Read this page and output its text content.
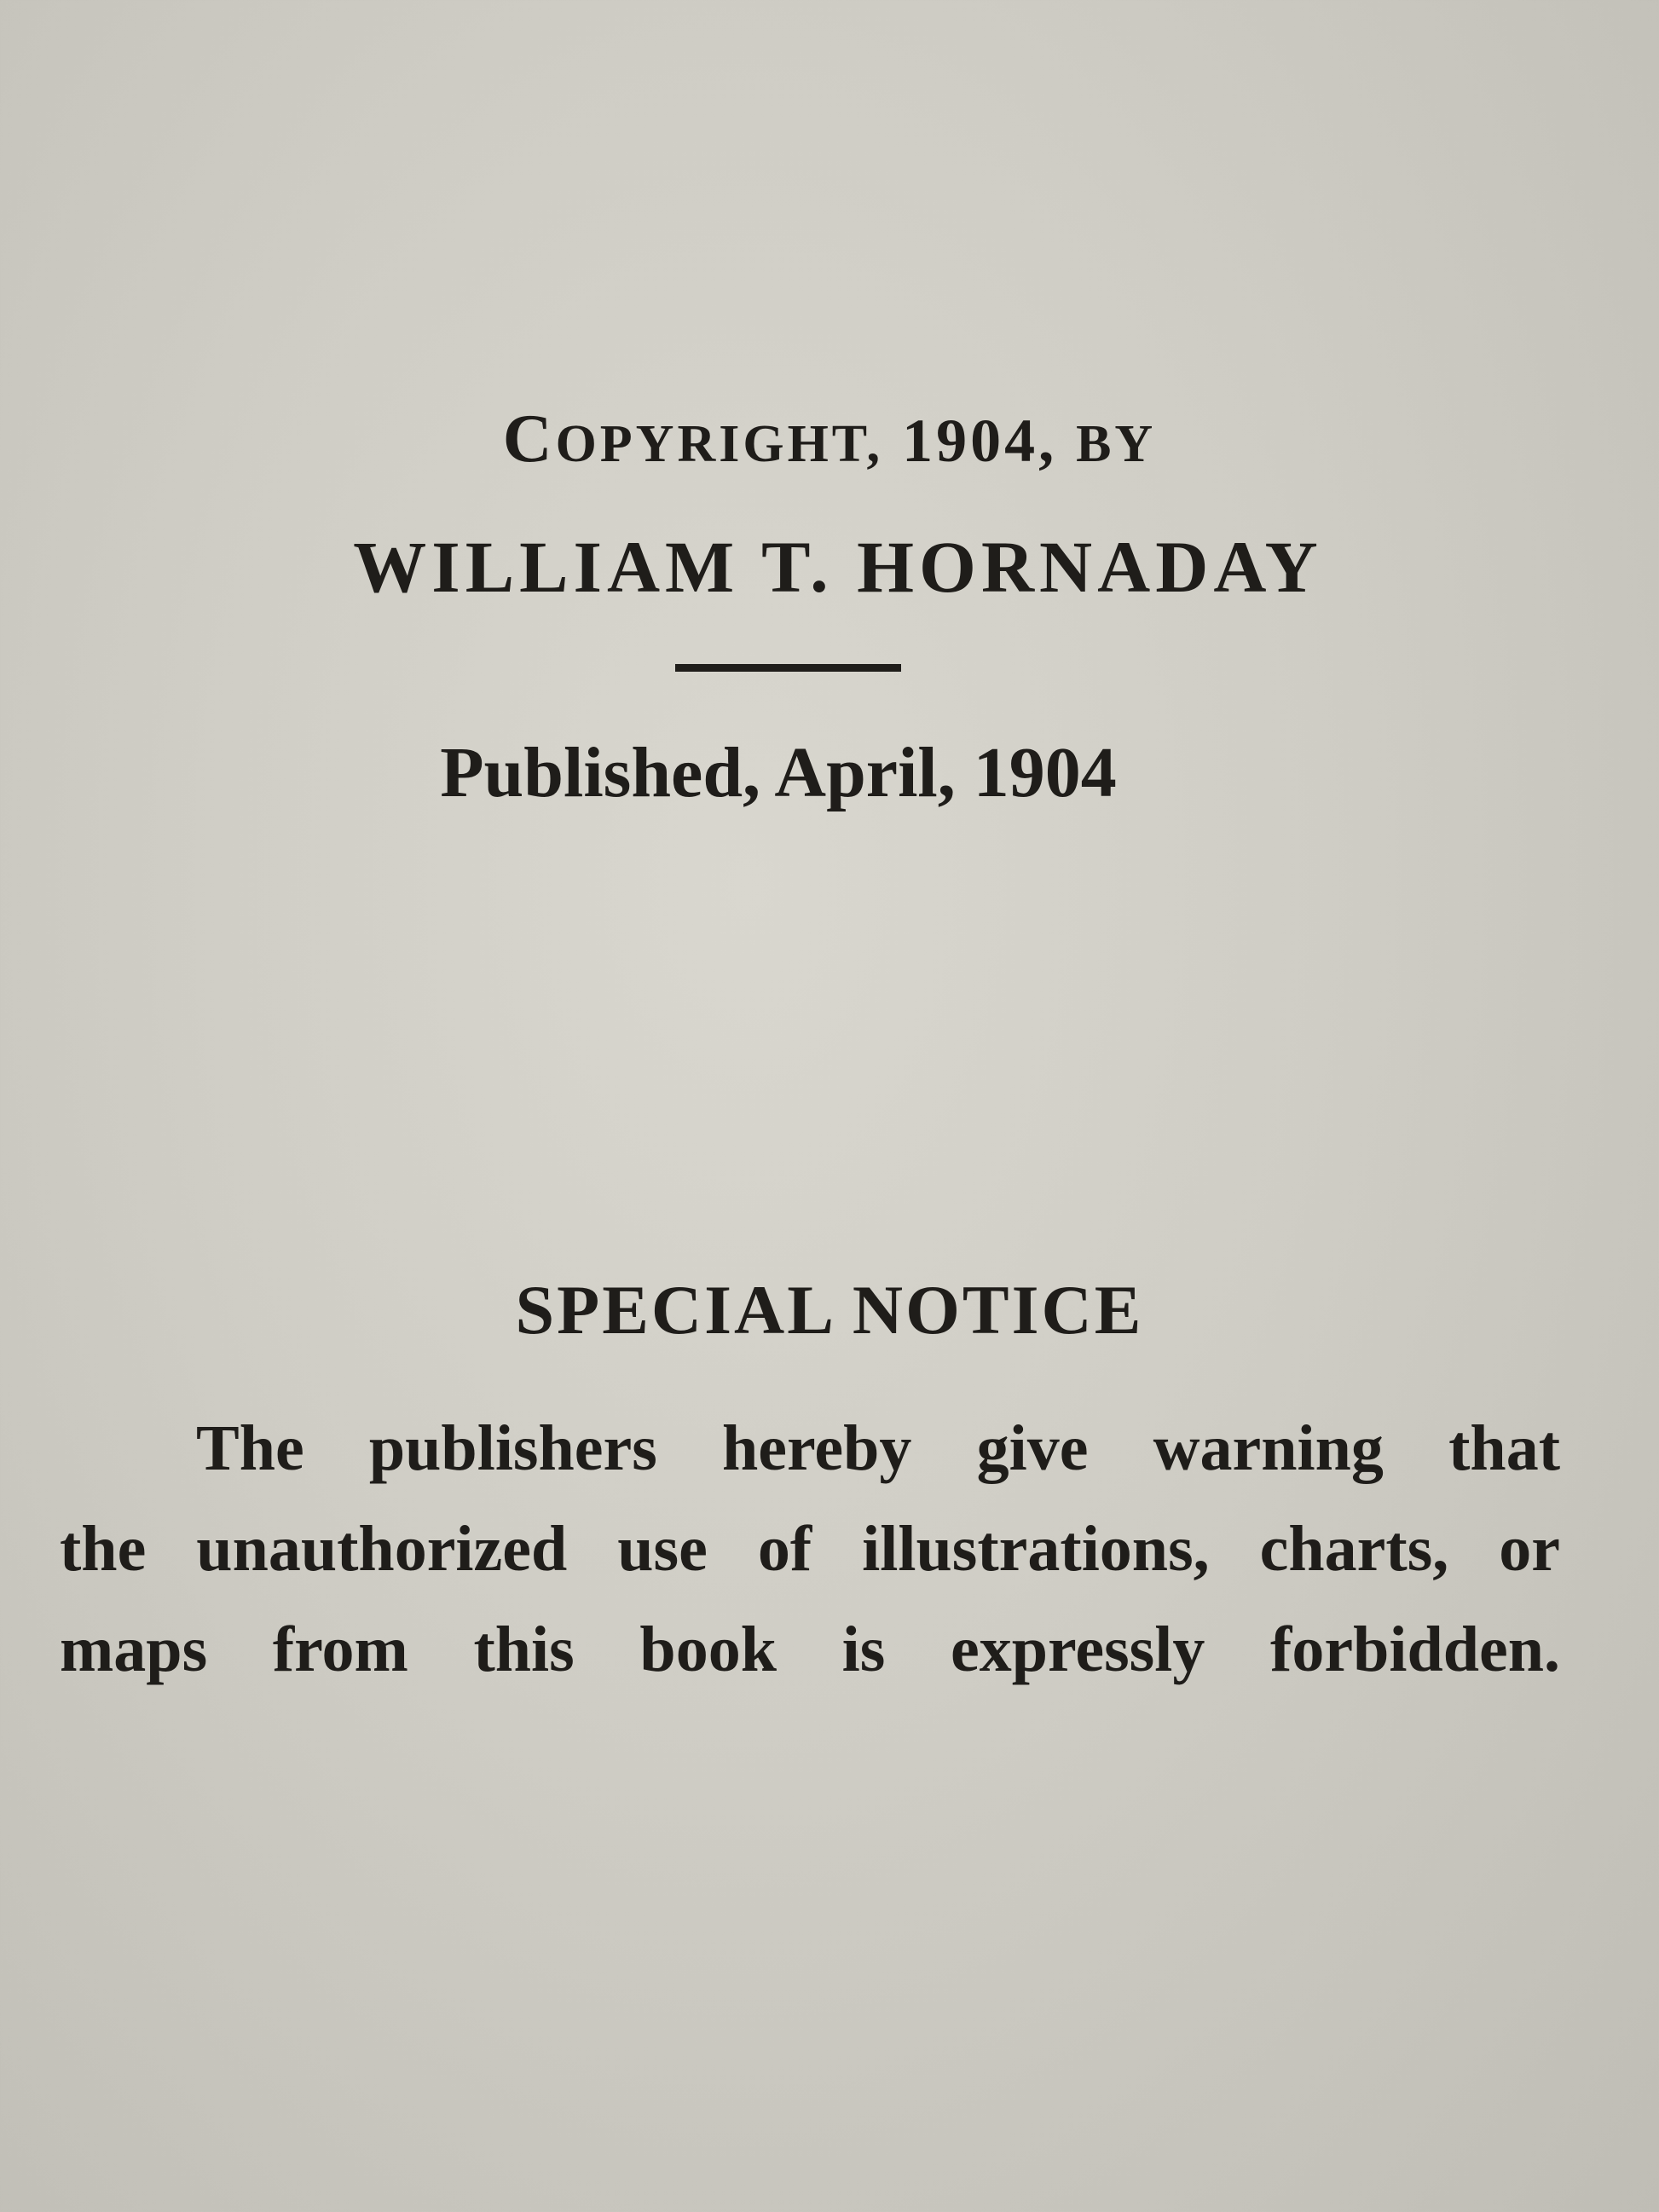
COPYRIGHT, 1904, BY
WILLIAM T. HORNADAY
Published, April, 1904
SPECIAL NOTICE
The publishers hereby give warning that
the unauthorized use of illustrations, charts, or
maps from this book is expressly forbidden.
